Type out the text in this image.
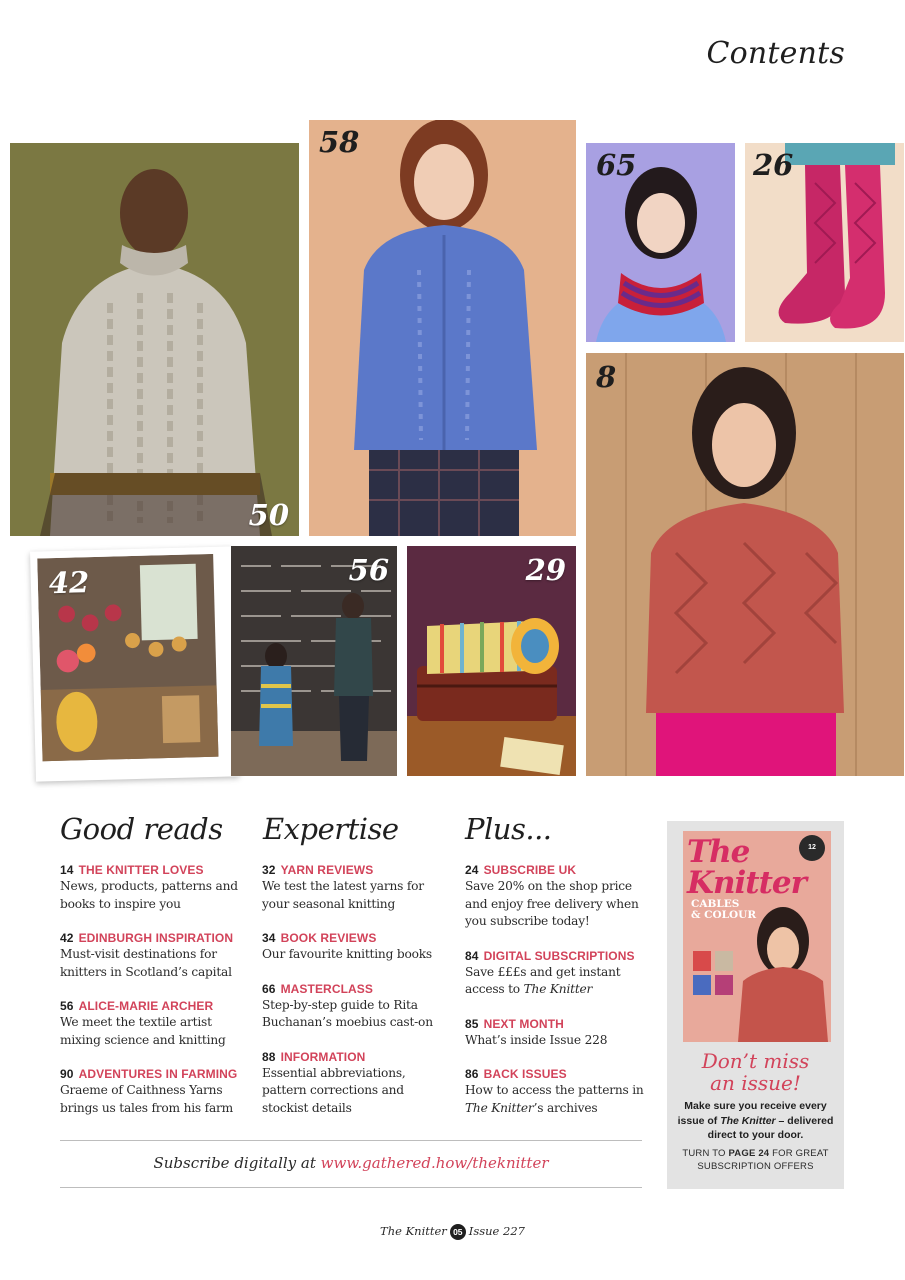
Contents
50
58
65	26
8
42	56	29
Good reads
14 THE KNITTER LOVES
News, products, patterns and books to inspire you
42 EDINBURGH INSPIRATION
Must-visit destinations for knitters in Scotland’s capital
56 ALICE-MARIE ARCHER
We meet the textile artist mixing science and knitting
90 ADVENTURES IN FARMING
Graeme of Caithness Yarns brings us tales from his farm
Expertise
32 YARN REVIEWS
We test the latest yarns for your seasonal knitting
34 BOOK REVIEWS
Our favourite knitting books
66 MASTERCLASS
Step-by-step guide to Rita Buchanan’s moebius cast-on
88 INFORMATION
Essential abbreviations, pattern corrections and stockist details
Plus...
24 SUBSCRIBE UK
Save 20% on the shop price and enjoy free delivery when you subscribe today!
84 DIGITAL SUBSCRIPTIONS
Save £££s and get instant access to The Knitter
85 NEXT MONTH
What’s inside Issue 228
86 BACK ISSUES
How to access the patterns in The Knitter’s archives
Subscribe digitally at www.gathered.how/theknitter
The Knitter
12
CABLES
& COLOUR
Don’t miss
an issue!
Make sure you receive every issue of The Knitter – delivered direct to your door.
TURN TO PAGE 24 FOR GREAT SUBSCRIPTION OFFERS
The Knitter 05 Issue 227
